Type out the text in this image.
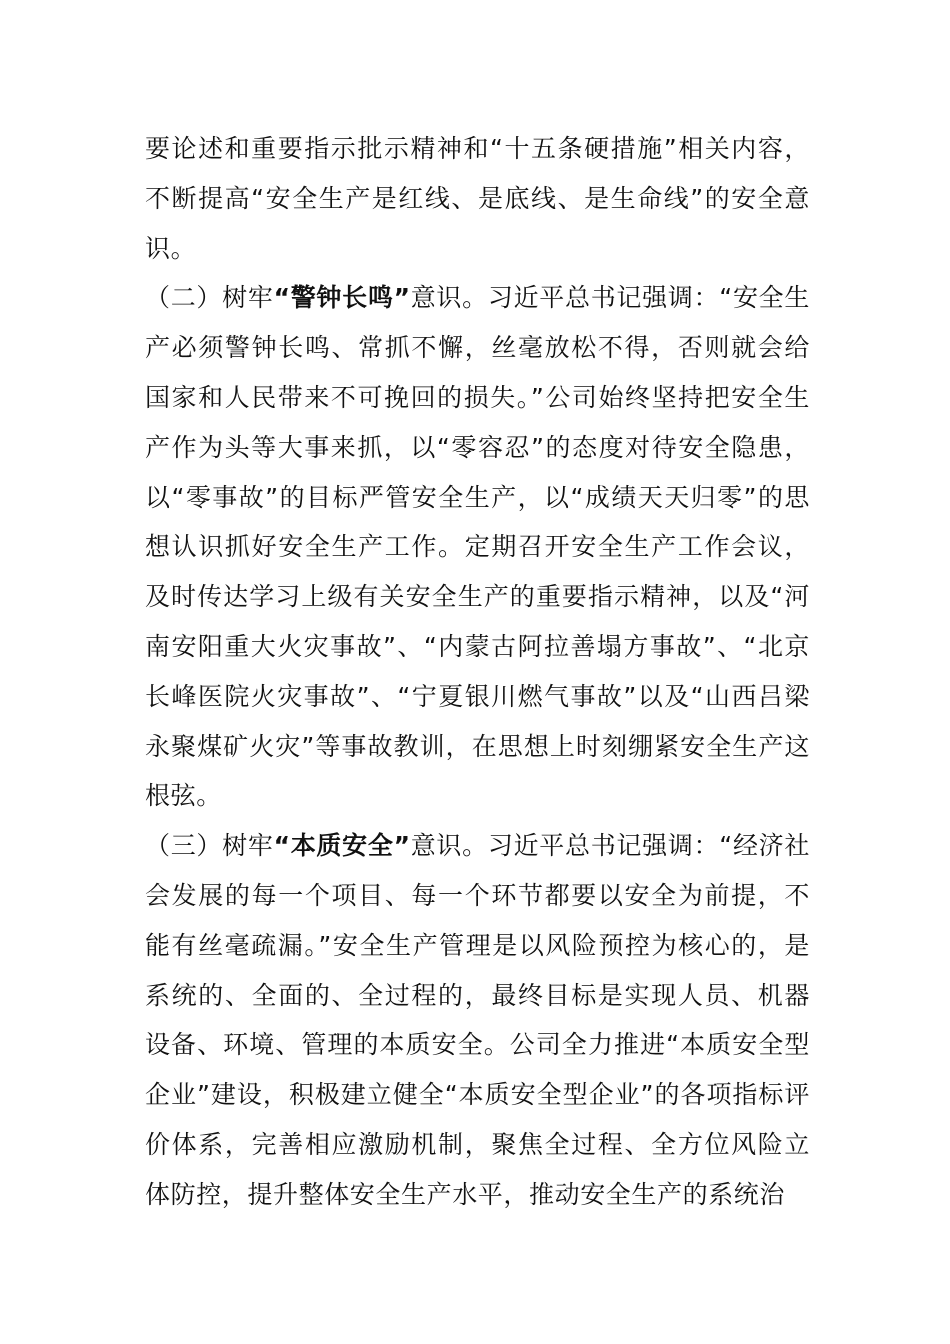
要论述和重要指示批示精神和“十五条硬措施”相关内容，不断提高“安全生产是红线、是底线、是生命线”的安全意识。

（二）树牢“警钟长鸣”意识。习近平总书记强调：“安全生产必须警钟长鸣、常抓不懈，丝毫放松不得，否则就会给国家和人民带来不可挽回的损失。”公司始终坚持把安全生产作为头等大事来抓，以“零容忍”的态度对待安全隐患，以“零事故”的目标严管安全生产，以“成绩天天归零”的思想认识抓好安全生产工作。定期召开安全生产工作会议，及时传达学习上级有关安全生产的重要指示精神，以及“河南安阳重大火灾事故”、“内蒙古阿拉善塌方事故”、“北京长峰医院火灾事故”、“宁夏银川燃气事故”以及“山西吕梁永聚煤矿火灾”等事故教训，在思想上时刻绷紧安全生产这根弦。

（三）树牢“本质安全”意识。习近平总书记强调：“经济社会发展的每一个项目、每一个环节都要以安全为前提，不能有丝毫疏漏。”安全生产管理是以风险预控为核心的，是系统的、全面的、全过程的，最终目标是实现人员、机器设备、环境、管理的本质安全。公司全力推进“本质安全型企业”建设，积极建立健全“本质安全型企业”的各项指标评价体系，完善相应激励机制，聚焦全过程、全方位风险立体防控，提升整体安全生产水平，推动安全生产的系统治
